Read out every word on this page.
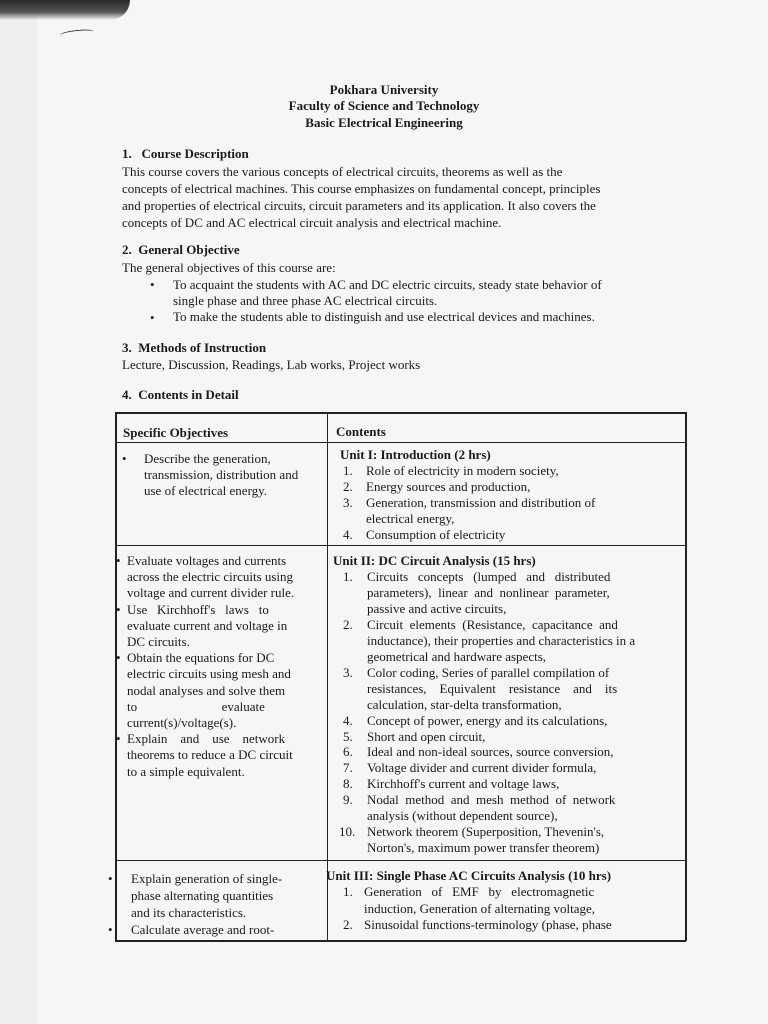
Pokhara University
Faculty of Science and Technology
Basic Electrical Engineering
1. Course Description
This course covers the various concepts of electrical circuits, theorems as well as the
concepts of electrical machines. This course emphasizes on fundamental concept, principles
and properties of electrical circuits, circuit parameters and its application. It also covers the
concepts of DC and AC electrical circuit analysis and electrical machine.
2. General Objective
The general objectives of this course are:
• To acquaint the students with AC and DC electric circuits, steady state behavior of
single phase and three phase AC electrical circuits.
• To make the students able to distinguish and use electrical devices and machines.
3. Methods of Instruction
Lecture, Discussion, Readings, Lab works, Project works
4. Contents in Detail
Specific Objectives	Contents
• Describe the generation,
transmission, distribution and
use of electrical energy.
Unit I: Introduction (2 hrs)
1. Role of electricity in modern society,
2. Energy sources and production,
3. Generation, transmission and distribution of
electrical energy,
4. Consumption of electricity
• Evaluate voltages and currents
across the electric circuits using
voltage and current divider rule.
• Use   Kirchhoff's   laws   to
evaluate current and voltage in
DC circuits.
• Obtain the equations for DC
electric circuits using mesh and
nodal analyses and solve them
to                          evaluate
current(s)/voltage(s).
• Explain    and    use    network
theorems to reduce a DC circuit
to a simple equivalent.
Unit II: DC Circuit Analysis (15 hrs)
1. Circuits   concepts   (lumped   and   distributed
parameters),  linear  and  nonlinear  parameter,
passive and active circuits,
2. Circuit  elements  (Resistance,  capacitance  and
inductance), their properties and characteristics in a
geometrical and hardware aspects,
3. Color coding, Series of parallel compilation of
resistances,    Equivalent    resistance    and    its
calculation, star-delta transformation,
4. Concept of power, energy and its calculations,
5. Short and open circuit,
6. Ideal and non-ideal sources, source conversion,
7. Voltage divider and current divider formula,
8. Kirchhoff's current and voltage laws,
9. Nodal  method  and  mesh  method  of  network
analysis (without dependent source),
10. Network theorem (Superposition, Thevenin's,
Norton's, maximum power transfer theorem)
• Explain generation of single-
phase alternating quantities
and its characteristics.
• Calculate average and root-
Unit III: Single Phase AC Circuits Analysis (10 hrs)
1. Generation   of   EMF   by   electromagnetic
induction, Generation of alternating voltage,
2. Sinusoidal functions-terminology (phase, phase
